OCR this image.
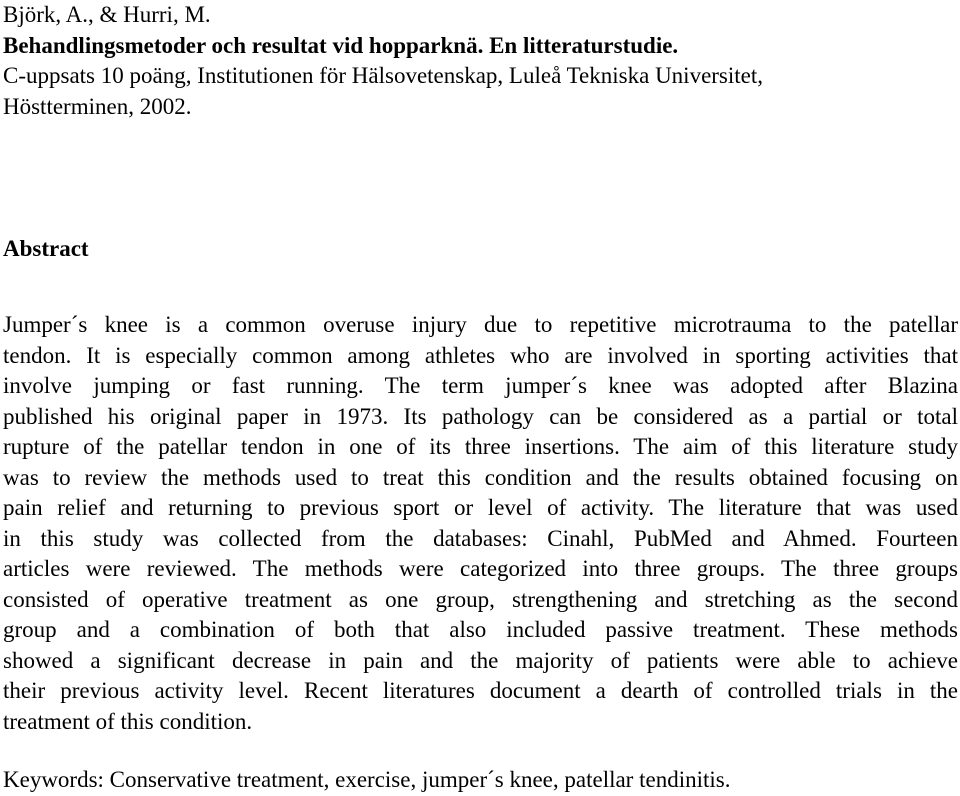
Björk, A., & Hurri, M.

Behandlingsmetoder och resultat vid hopparknä. En litteraturstudie.

C-uppsats 10 poäng, Institutionen för Hälsovetenskap, Luleå Tekniska Universitet,

Höstterminen, 2002.

Abstract
Jumper´s knee is a common overuse injury due to repetitive microtrauma to the patellar
tendon. It is especially common among athletes who are involved in sporting activities that
involve jumping or fast running. The term jumper´s knee was adopted after Blazina
published his original paper in 1973. Its pathology can be considered as a partial or total
rupture of the patellar tendon in one of its three insertions. The aim of this literature study
was to review the methods used to treat this condition and the results obtained focusing on
pain relief and returning to previous sport or level of activity. The literature that was used
in this study was collected from the databases: Cinahl, PubMed and Ahmed. Fourteen
articles were reviewed. The methods were categorized into three groups. The three groups
consisted of operative treatment as one group, strengthening and stretching as the second
group and a combination of both that also included passive treatment. These methods
showed a significant decrease in pain and the majority of patients were able to achieve
their previous activity level. Recent literatures document a dearth of controlled trials in the
treatment of this condition.

Keywords: Conservative treatment, exercise, jumper´s knee, patellar tendinitis.
